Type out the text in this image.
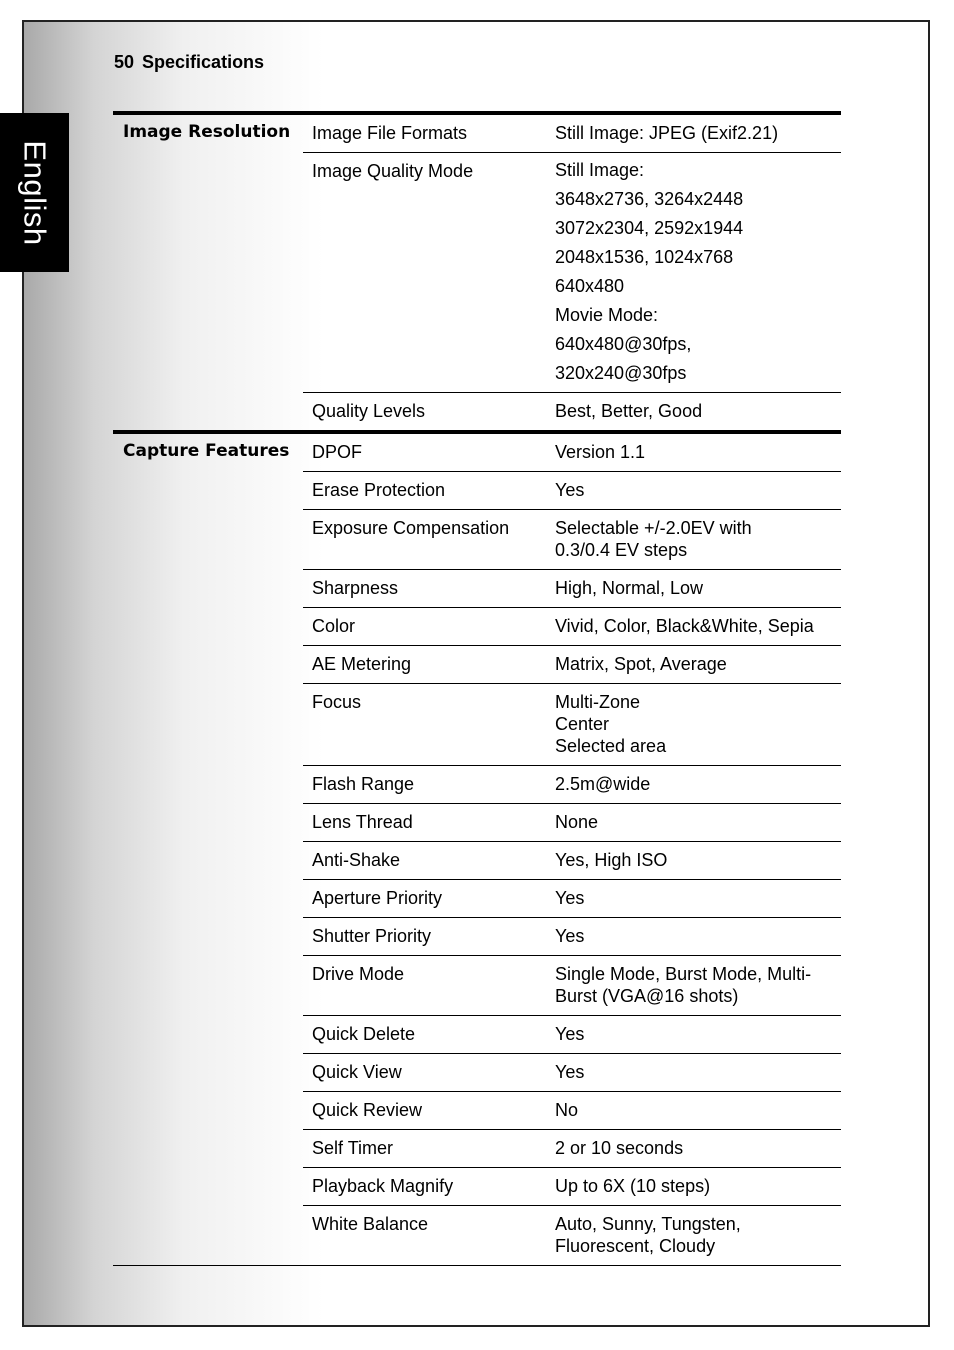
English
50 Specifications
Image Resolution	Image File Formats	Still Image: JPEG (Exif2.21)
Image Quality Mode	Still Image:
3648x2736, 3264x2448
3072x2304, 2592x1944
2048x1536, 1024x768
640x480
Movie Mode:
640x480@30fps,
320x240@30fps
Quality Levels	Best, Better, Good
Capture Features	DPOF	Version 1.1
Erase Protection	Yes
Exposure Compensation	Selectable +/-2.0EV with
0.3/0.4 EV steps
Sharpness	High, Normal, Low
Color	Vivid, Color, Black&White, Sepia
AE Metering	Matrix, Spot, Average
Focus	Multi-Zone
Center
Selected area
Flash Range	2.5m@wide
Lens Thread	None
Anti-Shake	Yes, High ISO
Aperture Priority	Yes
Shutter Priority	Yes
Drive Mode	Single Mode, Burst Mode, Multi-
Burst (VGA@16 shots)
Quick Delete	Yes
Quick View	Yes
Quick Review	No
Self Timer	2 or 10 seconds
Playback Magnify	Up to 6X (10 steps)
White Balance	Auto, Sunny, Tungsten,
Fluorescent, Cloudy
